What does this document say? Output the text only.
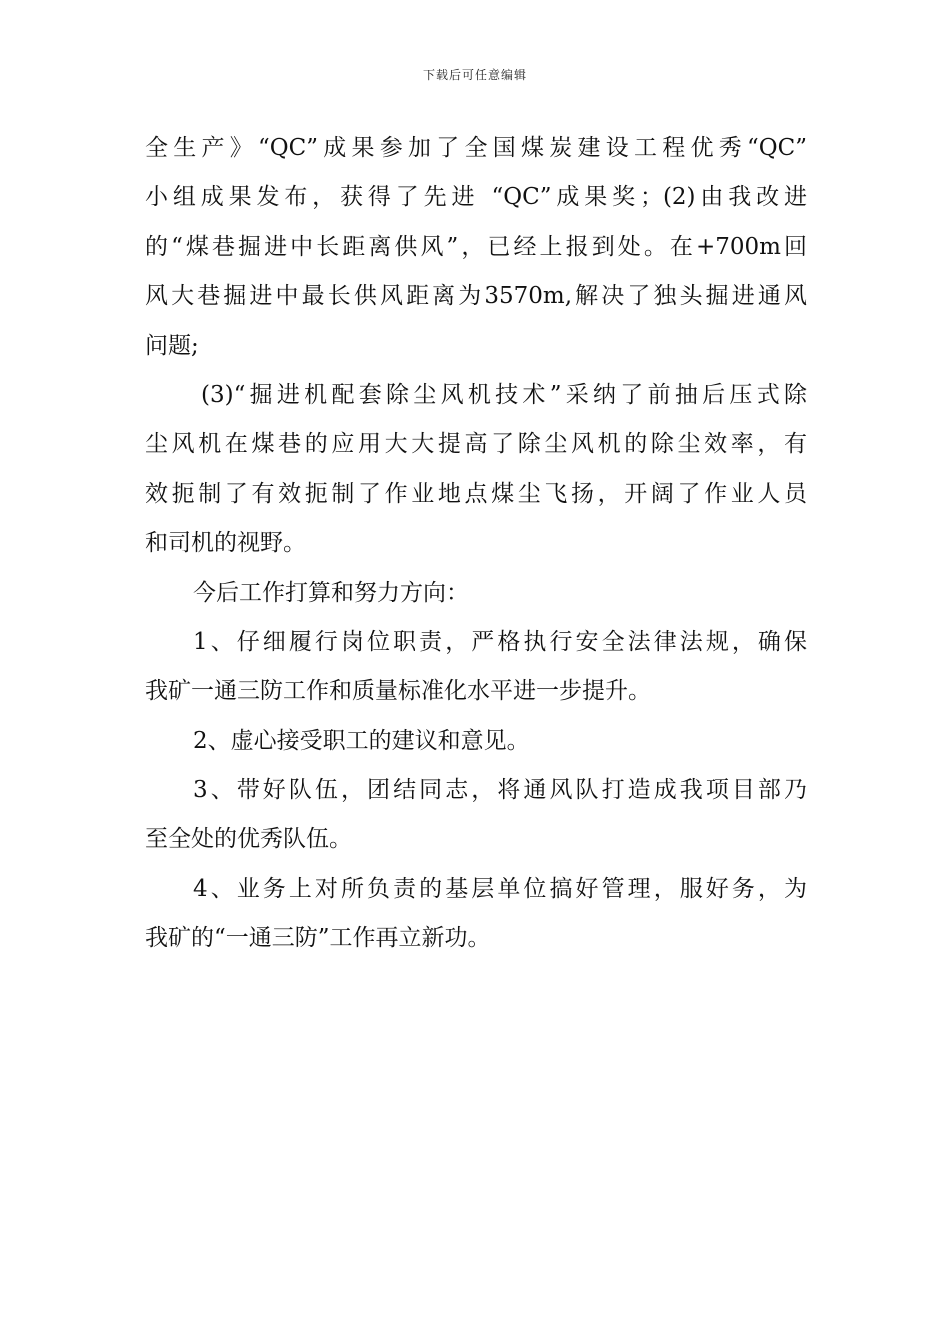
下载后可任意编辑
全生产》“QC”成果参加了全国煤炭建设工程优秀“QC”
小组成果发布，获得了先进 “QC”成果奖；(2)由我改进
的“煤巷掘进中长距离供风”，已经上报到处。在+700m回
风大巷掘进中最长供风距离为3570m,解决了独头掘进通风
问题;
(3)“掘进机配套除尘风机技术”采纳了前抽后压式除
尘风机在煤巷的应用大大提高了除尘风机的除尘效率，有
效扼制了有效扼制了作业地点煤尘飞扬，开阔了作业人员
和司机的视野。
今后工作打算和努力方向：
1、仔细履行岗位职责，严格执行安全法律法规，确保
我矿一通三防工作和质量标准化水平进一步提升。
2、虚心接受职工的建议和意见。
3、带好队伍，团结同志，将通风队打造成我项目部乃
至全处的优秀队伍。
4、业务上对所负责的基层单位搞好管理，服好务，为
我矿的“一通三防”工作再立新功。
